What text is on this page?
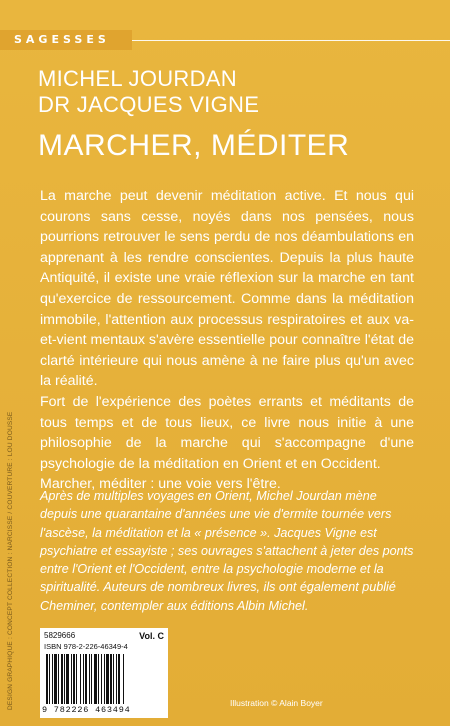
SAGESSES
MICHEL JOURDAN
DR JACQUES VIGNE
MARCHER, MÉDITER

La marche peut devenir méditation active. Et nous qui courons sans cesse, noyés dans nos pensées, nous pourrions retrouver le sens perdu de nos déambulations en apprenant à les rendre conscientes. Depuis la plus haute Antiquité, il existe une vraie réflexion sur la marche en tant qu'exercice de ressourcement. Comme dans la méditation immobile, l'attention aux processus respiratoires et aux va-et-vient mentaux s'avère essentielle pour connaître l'état de clarté intérieure qui nous amène à ne faire plus qu'un avec la réalité.

Fort de l'expérience des poètes errants et méditants de tous temps et de tous lieux, ce livre nous initie à une philosophie de la marche qui s'accompagne d'une psychologie de la méditation en Orient et en Occident.

Marcher, méditer : une voie vers l'être.

Après de multiples voyages en Orient, Michel Jourdan mène depuis une quarantaine d'années une vie d'ermite tournée vers l'ascèse, la méditation et la « présence ». Jacques Vigne est psychiatre et essayiste ; ses ouvrages s'attachent à jeter des ponts entre l'Orient et l'Occident, entre la psychologie moderne et la spiritualité. Auteurs de nombreux livres, ils ont également publié Cheminer, contempler aux éditions Albin Michel.
DESIGN GRAPHIQUE : CONCEPT COLLECTION : NARCISSE / COUVERTURE : LOU DOUSSE	5829666	Vol. C
ISBN 978-2-226-46349-4
9 782226 463494
Illustration © Alain Boyer
